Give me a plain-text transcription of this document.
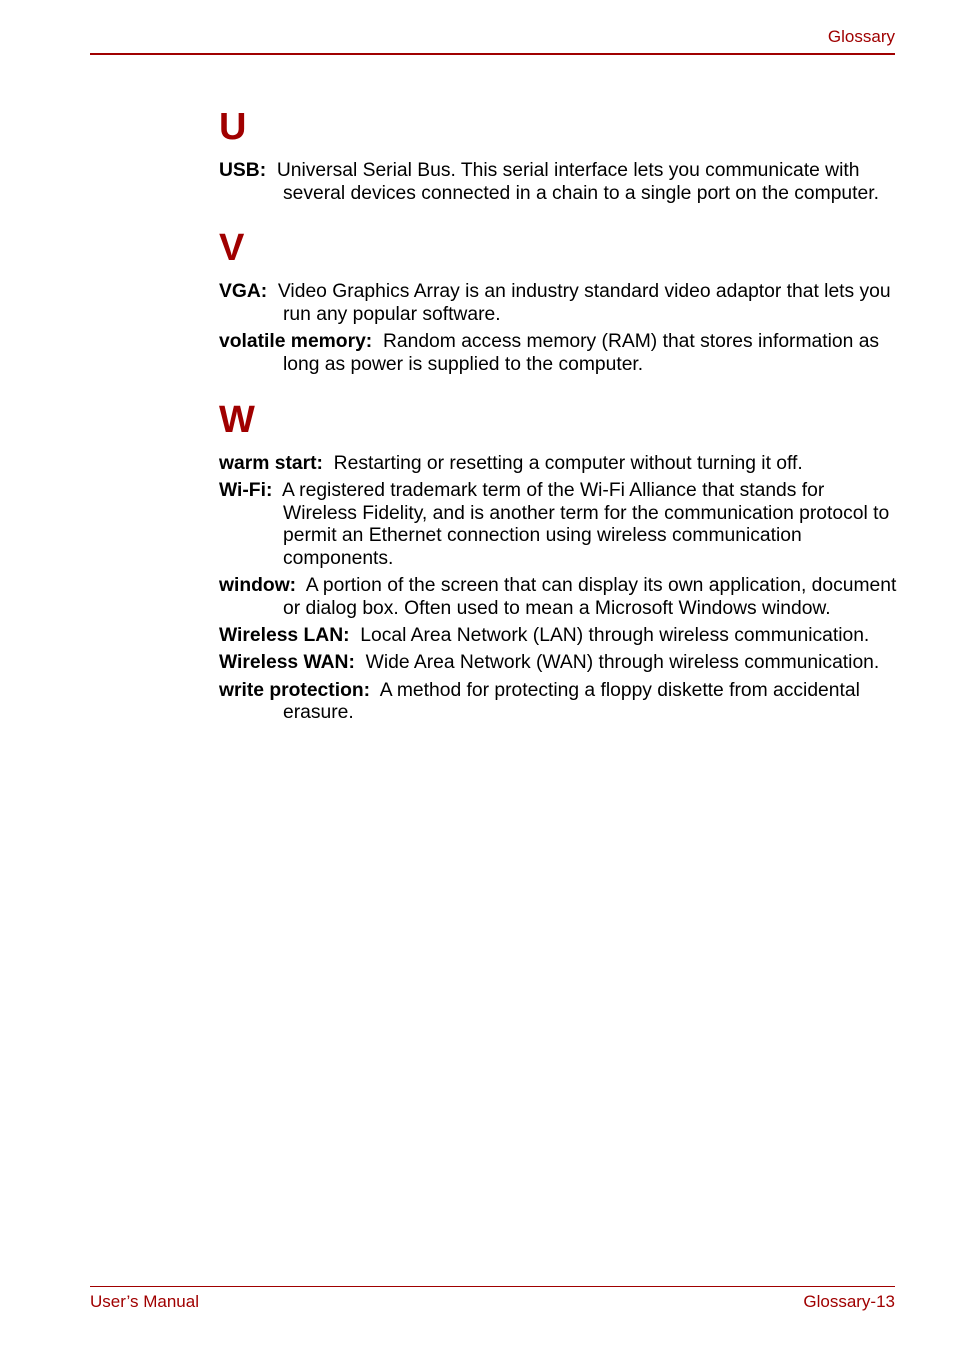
Glossary
U

USB: Universal Serial Bus. This serial interface lets you communicate with several devices connected in a chain to a single port on the computer.

V

VGA: Video Graphics Array is an industry standard video adaptor that lets you run any popular software.

volatile memory: Random access memory (RAM) that stores information as long as power is supplied to the computer.

W

warm start: Restarting or resetting a computer without turning it off.

Wi-Fi: A registered trademark term of the Wi-Fi Alliance that stands for Wireless Fidelity, and is another term for the communication protocol to permit an Ethernet connection using wireless communication components.

window: A portion of the screen that can display its own application, document or dialog box. Often used to mean a Microsoft Windows window.

Wireless LAN: Local Area Network (LAN) through wireless communication.

Wireless WAN: Wide Area Network (WAN) through wireless communication.

write protection: A method for protecting a floppy diskette from accidental erasure.

User’s Manual	Glossary-13
